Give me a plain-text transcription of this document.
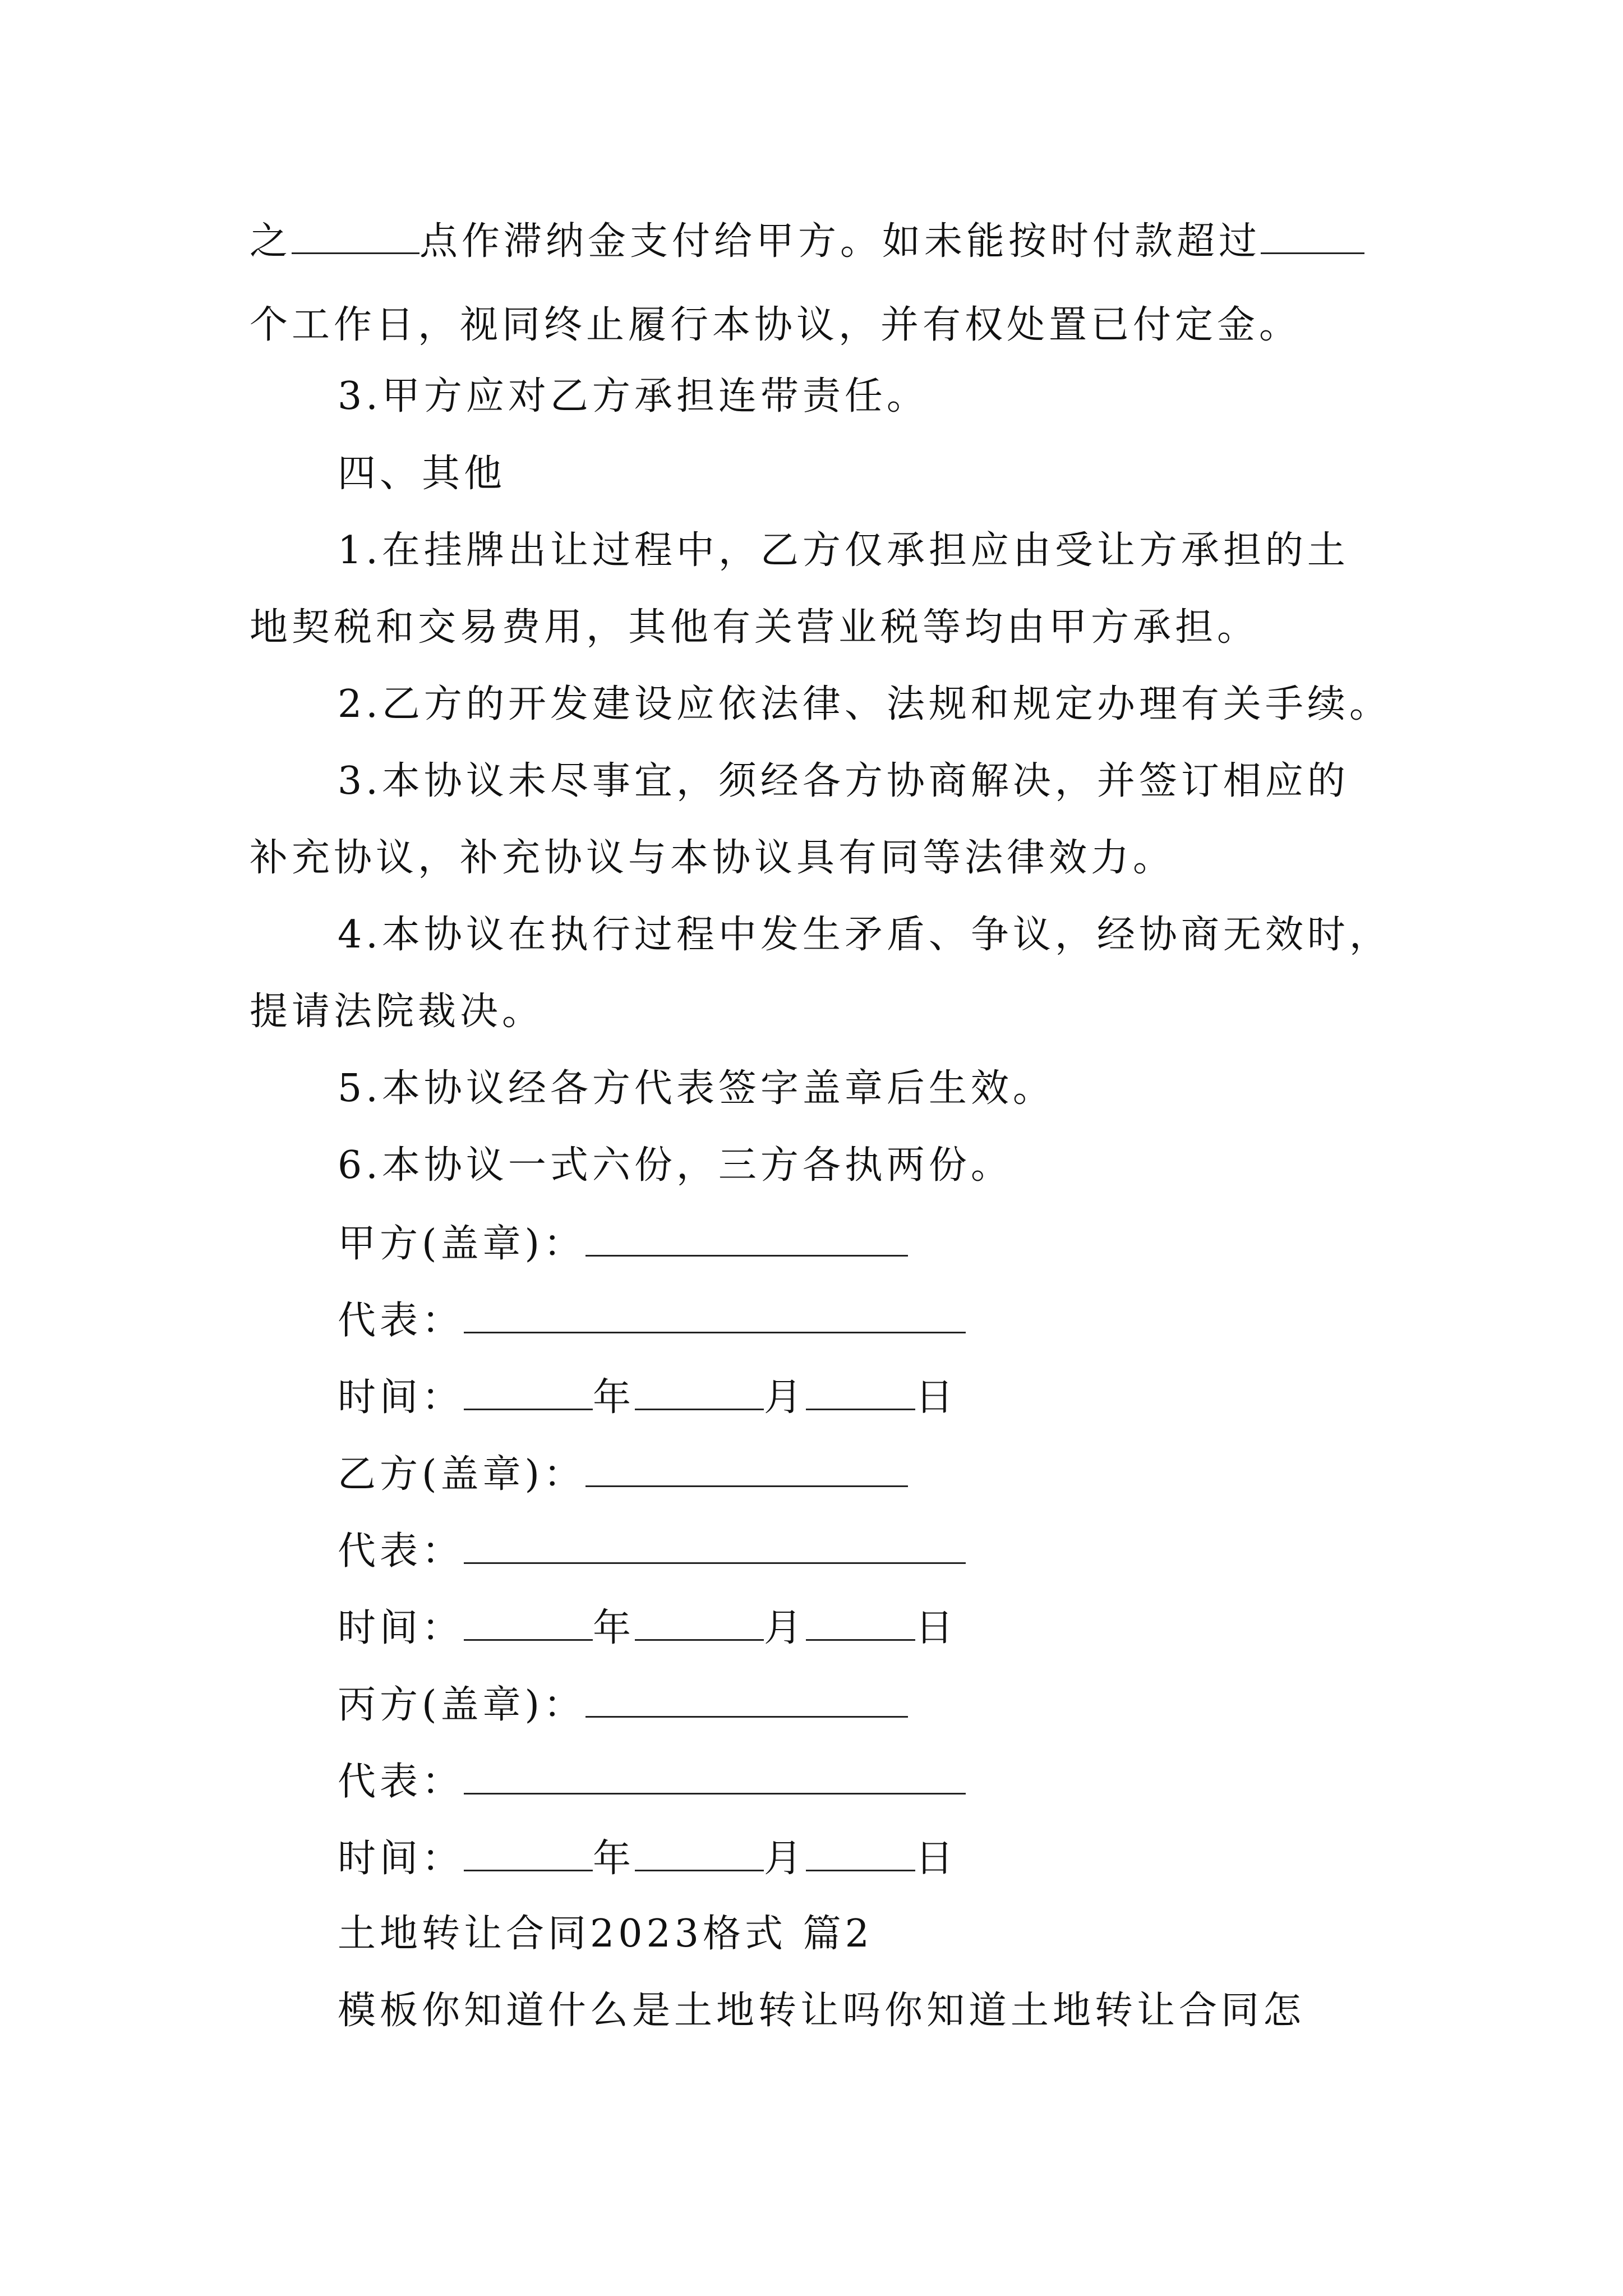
之	点作滞纳金支付给甲方。如未能按时付款超过
个工作日，视同终止履行本协议，并有权处置已付定金。
3.甲方应对乙方承担连带责任。
四、其他
1.在挂牌出让过程中，乙方仅承担应由受让方承担的土
地契税和交易费用，其他有关营业税等均由甲方承担。
2.乙方的开发建设应依法律、法规和规定办理有关手续。
3.本协议未尽事宜，须经各方协商解决，并签订相应的
补充协议，补充协议与本协议具有同等法律效力。
4.本协议在执行过程中发生矛盾、争议，经协商无效时，
提请法院裁决。
5.本协议经各方代表签字盖章后生效。
6.本协议一式六份，三方各执两份。
甲方(盖章)：
代表：
时间：	年	月	日
乙方(盖章)：
代表：
时间：	年	月	日
丙方(盖章)：
代表：
时间：	年	月	日
土地转让合同2023格式 篇2
模板你知道什么是土地转让吗你知道土地转让合同怎
